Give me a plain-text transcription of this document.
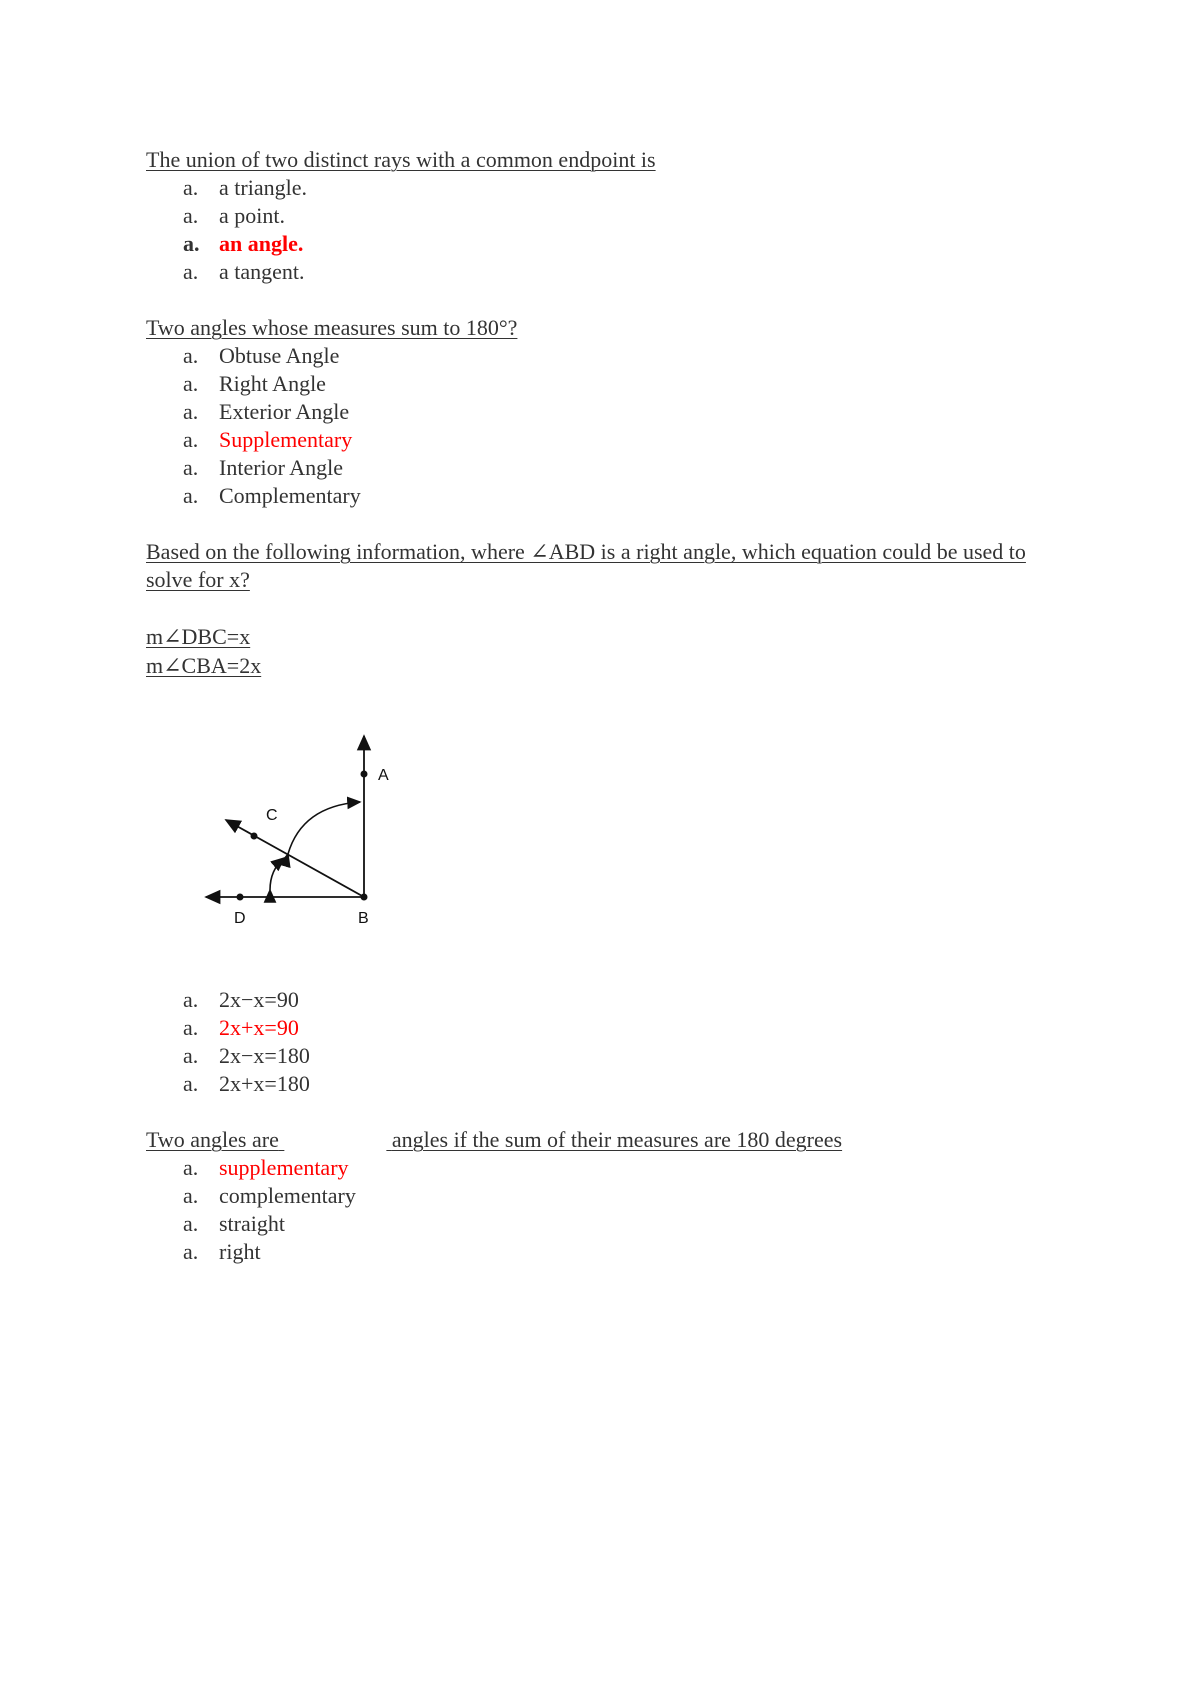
The union of two distinct rays with a common endpoint is
a. a triangle.
a. a point.
a. an angle.
a. a tangent.
Two angles whose measures sum to 180°?
a. Obtuse Angle
a. Right Angle
a. Exterior Angle
a. Supplementary
a. Interior Angle
a. Complementary
Based on the following information, where ∠ABD is a right angle, which equation could be used to solve for x?
m∠DBC=x
m∠CBA=2x
A
B
C
D
a. 2x−x=90
a. 2x+x=90
a. 2x−x=180
a. 2x+x=180
Two angles are	angles if the sum of their measures are 180 degrees
a. supplementary
a. complementary
a. straight
a. right
